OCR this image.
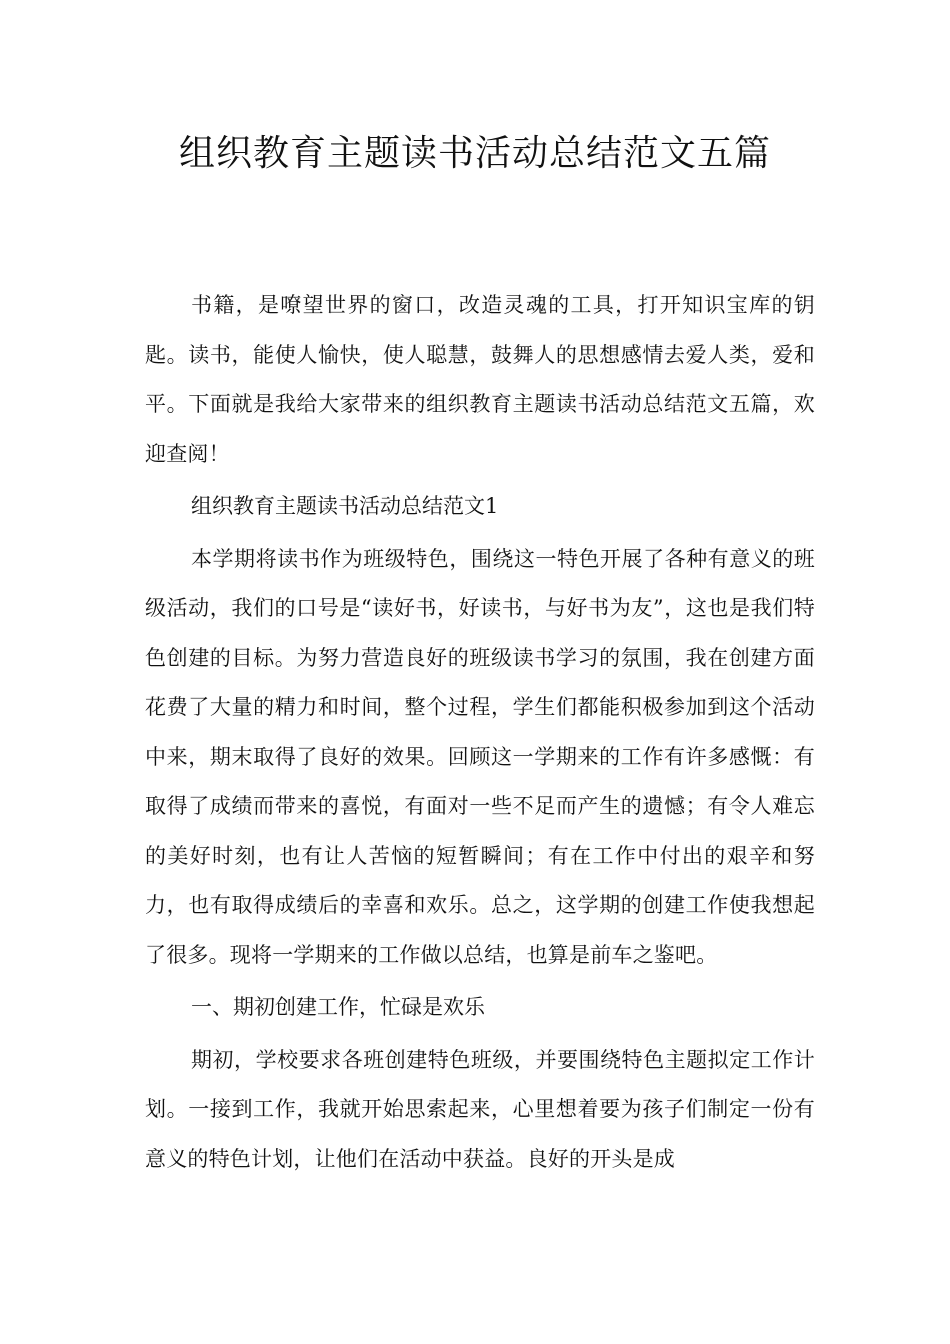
组织教育主题读书活动总结范文五篇

书籍，是嘹望世界的窗口，改造灵魂的工具，打开知识宝库的钥匙。读书，能使人愉快，使人聪慧，鼓舞人的思想感情去爱人类，爱和平。下面就是我给大家带来的组织教育主题读书活动总结范文五篇，欢迎查阅！

组织教育主题读书活动总结范文1

本学期将读书作为班级特色，围绕这一特色开展了各种有意义的班级活动，我们的口号是“读好书，好读书，与好书为友”，这也是我们特色创建的目标。为努力营造良好的班级读书学习的氛围，我在创建方面花费了大量的精力和时间，整个过程，学生们都能积极参加到这个活动中来，期末取得了良好的效果。回顾这一学期来的工作有许多感慨：有取得了成绩而带来的喜悦，有面对一些不足而产生的遗憾；有令人难忘的美好时刻，也有让人苦恼的短暂瞬间；有在工作中付出的艰辛和努力，也有取得成绩后的幸喜和欢乐。总之，这学期的创建工作使我想起了很多。现将一学期来的工作做以总结，也算是前车之鉴吧。

一、期初创建工作，忙碌是欢乐

期初，学校要求各班创建特色班级，并要围绕特色主题拟定工作计划。一接到工作，我就开始思索起来，心里想着要为孩子们制定一份有意义的特色计划，让他们在活动中获益。良好的开头是成
